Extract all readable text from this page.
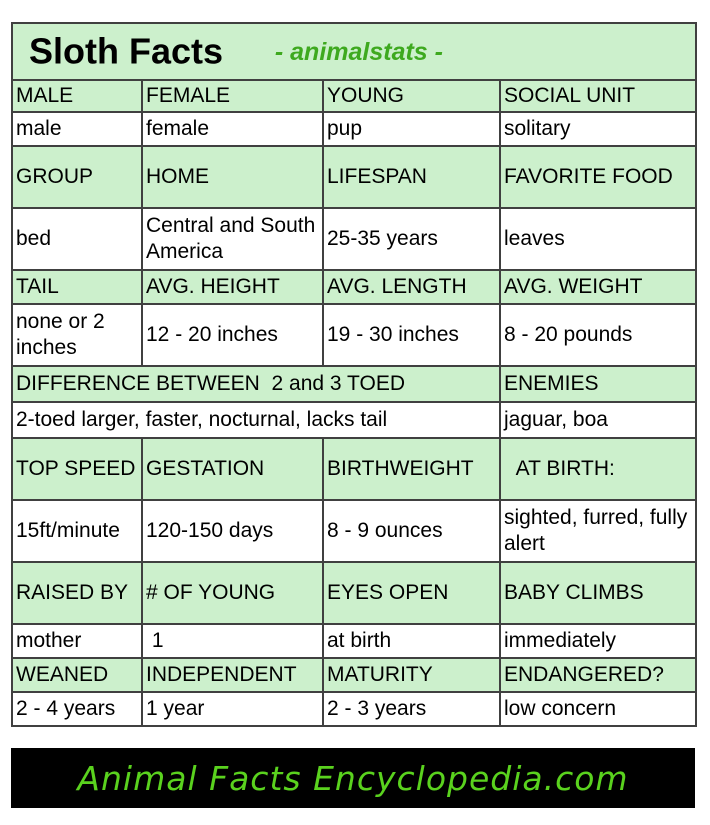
Sloth Facts - animalstats -			
MALE	FEMALE	YOUNG	SOCIAL UNIT
male	female	pup	solitary
GROUP	HOME	LIFESPAN	FAVORITE FOOD
bed	Central and South America	25-35 years	leaves
TAIL	AVG. HEIGHT	AVG. LENGTH	AVG. WEIGHT
none or 2 inches	12 - 20 inches	19 - 30 inches	8 - 20 pounds
DIFFERENCE BETWEEN  2 and 3 TOED			ENEMIES
2-toed larger, faster, nocturnal, lacks tail			jaguar, boa
TOP SPEED	GESTATION	BIRTHWEIGHT	AT BIRTH:
15ft/minute	120-150 days	8 - 9 ounces	sighted, furred, fully alert
RAISED BY	# OF YOUNG	EYES OPEN	BABY CLIMBS
mother	1	at birth	immediately
WEANED	INDEPENDENT	MATURITY	ENDANGERED?
2 - 4 years	1 year	2 - 3 years	low concern
Animal Facts Encyclopedia.com
